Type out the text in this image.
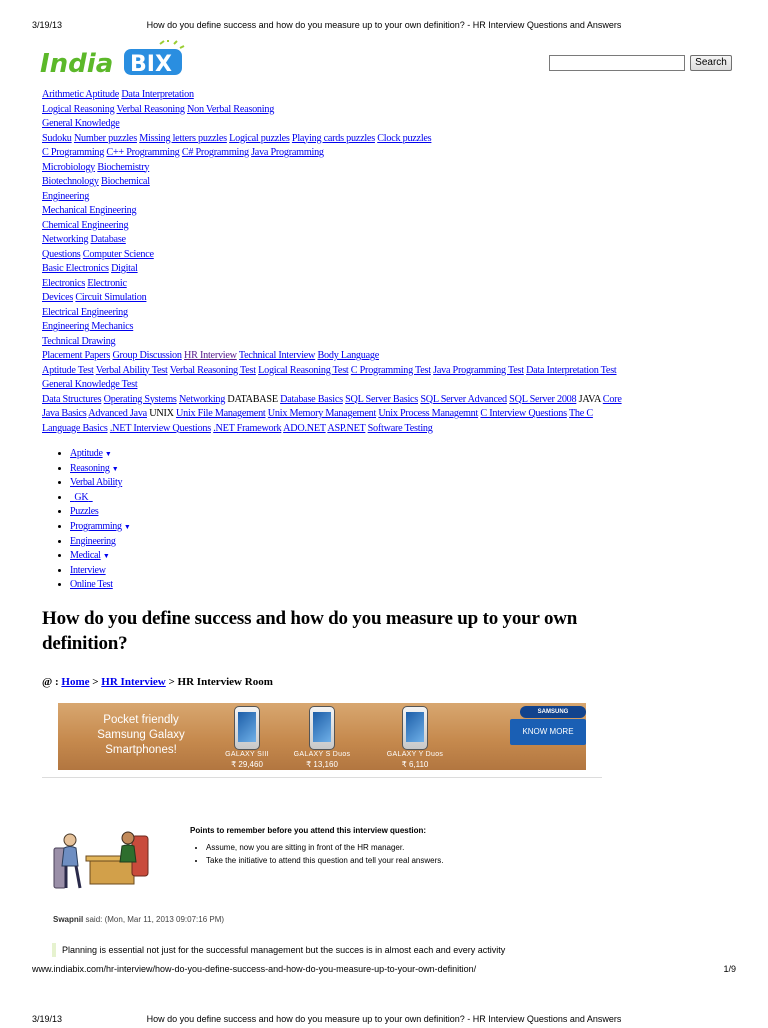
3/19/13	How do you define success and how do you measure up to your own definition? - HR Interview Questions and Answers
India BIX	Search
Arithmetic Aptitude Data Interpretation
Logical Reasoning Verbal Reasoning Non Verbal Reasoning
General Knowledge
Sudoku Number puzzles Missing letters puzzles Logical puzzles Playing cards puzzles Clock puzzles
C Programming C++ Programming C# Programming Java Programming
Microbiology Biochemistry
Biotechnology Biochemical
Engineering
Mechanical Engineering
Chemical Engineering
Networking Database
Questions Computer Science
Basic Electronics Digital
Electronics Electronic
Devices Circuit Simulation
Electrical Engineering
Engineering Mechanics
Technical Drawing
Placement Papers Group Discussion HR Interview Technical Interview Body Language
Aptitude Test Verbal Ability Test Verbal Reasoning Test Logical Reasoning Test C Programming Test Java Programming Test Data Interpretation Test
General Knowledge Test
Data Structures Operating Systems Networking DATABASE Database Basics SQL Server Basics SQL Server Advanced SQL Server 2008 JAVA Core
Java Basics Advanced Java UNIX Unix File Management Unix Memory Management Unix Process Managemnt C Interview Questions The C
Language Basics .NET Interview Questions .NET Framework ADO.NET ASP.NET Software Testing
• Aptitude ▼
• Reasoning ▼
• Verbal Ability
•   GK
• Puzzles
• Programming ▼
• Engineering
• Medical ▼
• Interview
• Online Test
How do you define success and how do you measure up to your own definition?
@ : Home > HR Interview > HR Interview Room
Pocket friendly
Samsung Galaxy
Smartphones!	GALAXY SIII
₹ 29,460
GALAXY S Duos
₹ 13,160
GALAXY Y Duos
₹ 6,110
SAMSUNG
KNOW MORE
Points to remember before you attend this interview question:
• Assume, now you are sitting in front of the HR manager.
• Take the initiative to attend this question and tell your real answers.
Swapnil said: (Mon, Mar 11, 2013 09:07:16 PM)
Planning is essential not just for the successful management but the succes is in almost each and every activity
www.indiabix.com/hr-interview/how-do-you-define-success-and-how-do-you-measure-up-to-your-own-definition/	1/9
3/19/13	How do you define success and how do you measure up to your own definition? - HR Interview Questions and Answers
